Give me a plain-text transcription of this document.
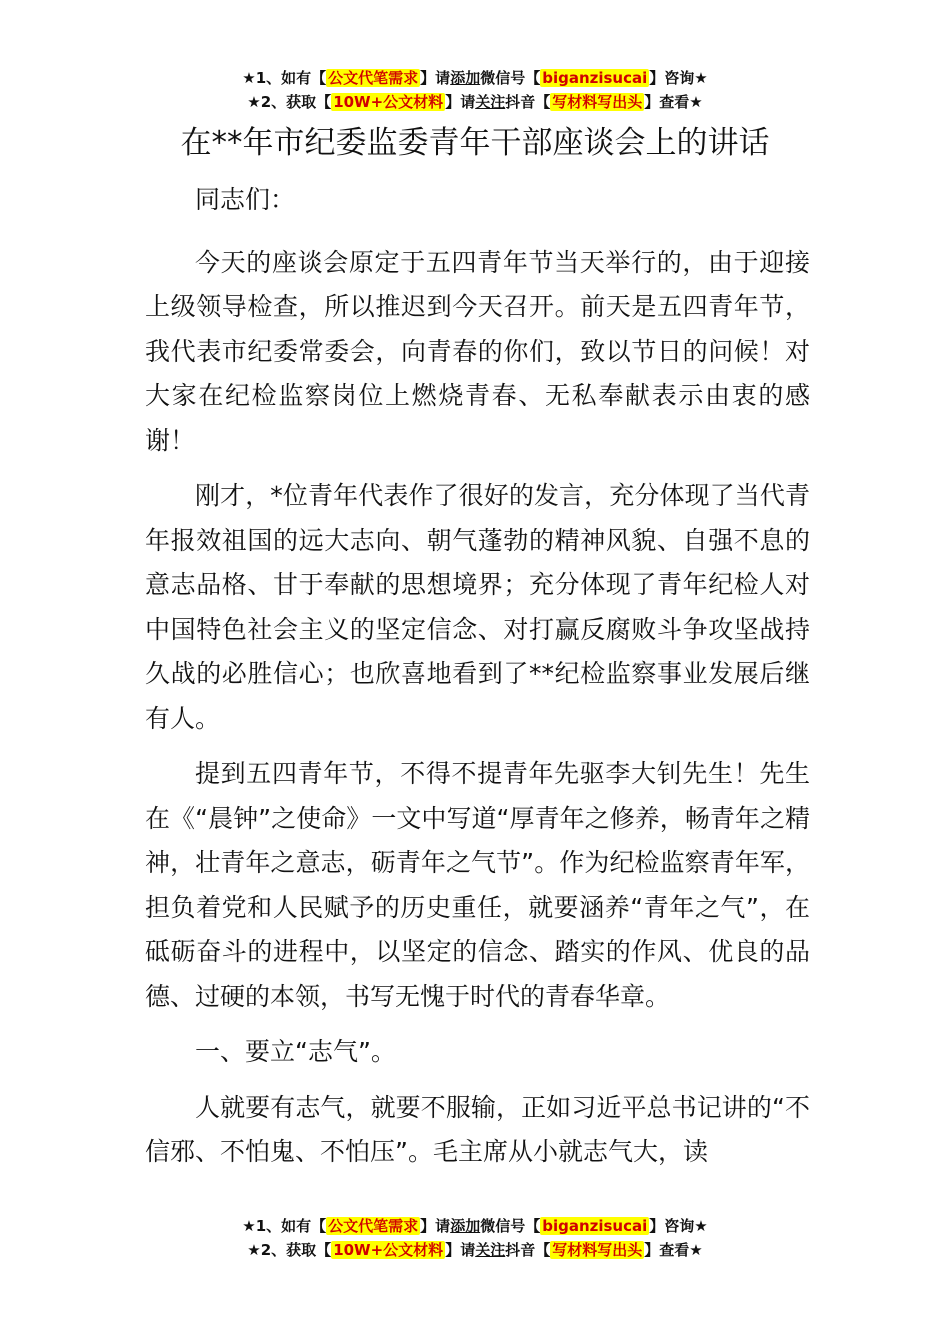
★1、如有【 公文代笔需求 】请添加微信号【 biganzisucai 】咨询★
★2、获取【 10W+公文材料 】请关注抖音【 写材料写出头 】查看★
在**年市纪委监委青年干部座谈会上的讲话

同志们：

今天的座谈会原定于五四青年节当天举行的，由于迎接上级领导检查，所以推迟到今天召开。前天是五四青年节，我代表市纪委常委会，向青春的你们，致以节日的问候！对大家在纪检监察岗位上燃烧青春、无私奉献表示由衷的感谢！

刚才，*位青年代表作了很好的发言，充分体现了当代青年报效祖国的远大志向、朝气蓬勃的精神风貌、自强不息的意志品格、甘于奉献的思想境界；充分体现了青年纪检人对中国特色社会主义的坚定信念、对打赢反腐败斗争攻坚战持久战的必胜信心；也欣喜地看到了**纪检监察事业发展后继有人。

提到五四青年节，不得不提青年先驱李大钊先生！先生在《“晨钟”之使命》一文中写道“厚青年之修养，畅青年之精神，壮青年之意志，砺青年之气节”。作为纪检监察青年军，担负着党和人民赋予的历史重任，就要涵养“青年之气”，在砥砺奋斗的进程中，以坚定的信念、踏实的作风、优良的品德、过硬的本领，书写无愧于时代的青春华章。

一、要立“志气”。

人就要有志气，就要不服输，正如习近平总书记讲的“不信邪、不怕鬼、不怕压”。毛主席从小就志气大，读

★1、如有【 公文代笔需求 】请添加微信号【 biganzisucai 】咨询★
★2、获取【 10W+公文材料 】请关注抖音【 写材料写出头 】查看★
